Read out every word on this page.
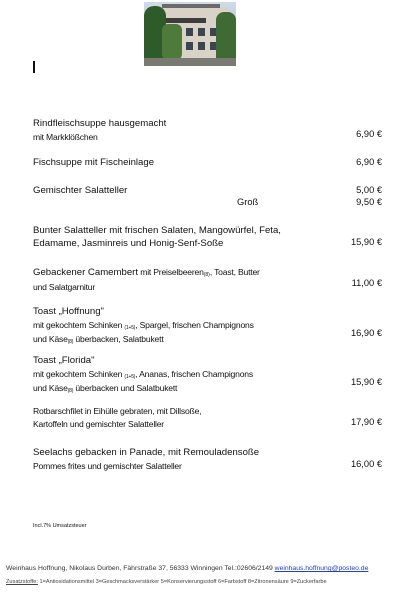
Rindfleischsuppe hausgemacht
mit Markklößchen	6,90 €
Fischsuppe mit Fischeinlage	6,90 €
Gemischter Salatteller	5,00 €
Groß	9,50 €
Bunter Salatteller mit frischen Salaten, Mangowürfel, Feta,
Edamame, Jasminreis und Honig-Senf-Soße	15,90 €
Gebackener Camembert mit Preiselbeeren(8), Toast, Butter
und Salatgarnitur	11,00 €
Toast „Hoffnung"
mit gekochtem Schinken (1+5), Spargel, frischen Champignons
und Käse(8) überbacken, Salatbukett
16,90 €
Toast „Florida"
mit gekochtem Schinken (1+5), Ananas, frischen Champignons
und Käse(8) überbacken und Salatbukett
15,90 €
Rotbarschfilet in Eihülle gebraten, mit Dillsoße,
Kartoffeln und gemischter Salatteller	17,90 €
Seelachs gebacken in Panade, mit Remouladensoße
Pommes frites und gemischter Salatteller	16,00 €
Incl.7% Umsatzsteuer
Weinhaus Hoffnung, Nikolaus Durben, Fährstraße 37, 56333 Winningen Tel.:02606/2149 weinhaus.hoffnung@posteo.de
Zusatzstoffe: 1=Antioxidationsmittel 3=Geschmacksverstärker 5=Konservierungsstoff 6=Farbstoff 8=Zitronensäure 9=Zuckerfarbe
